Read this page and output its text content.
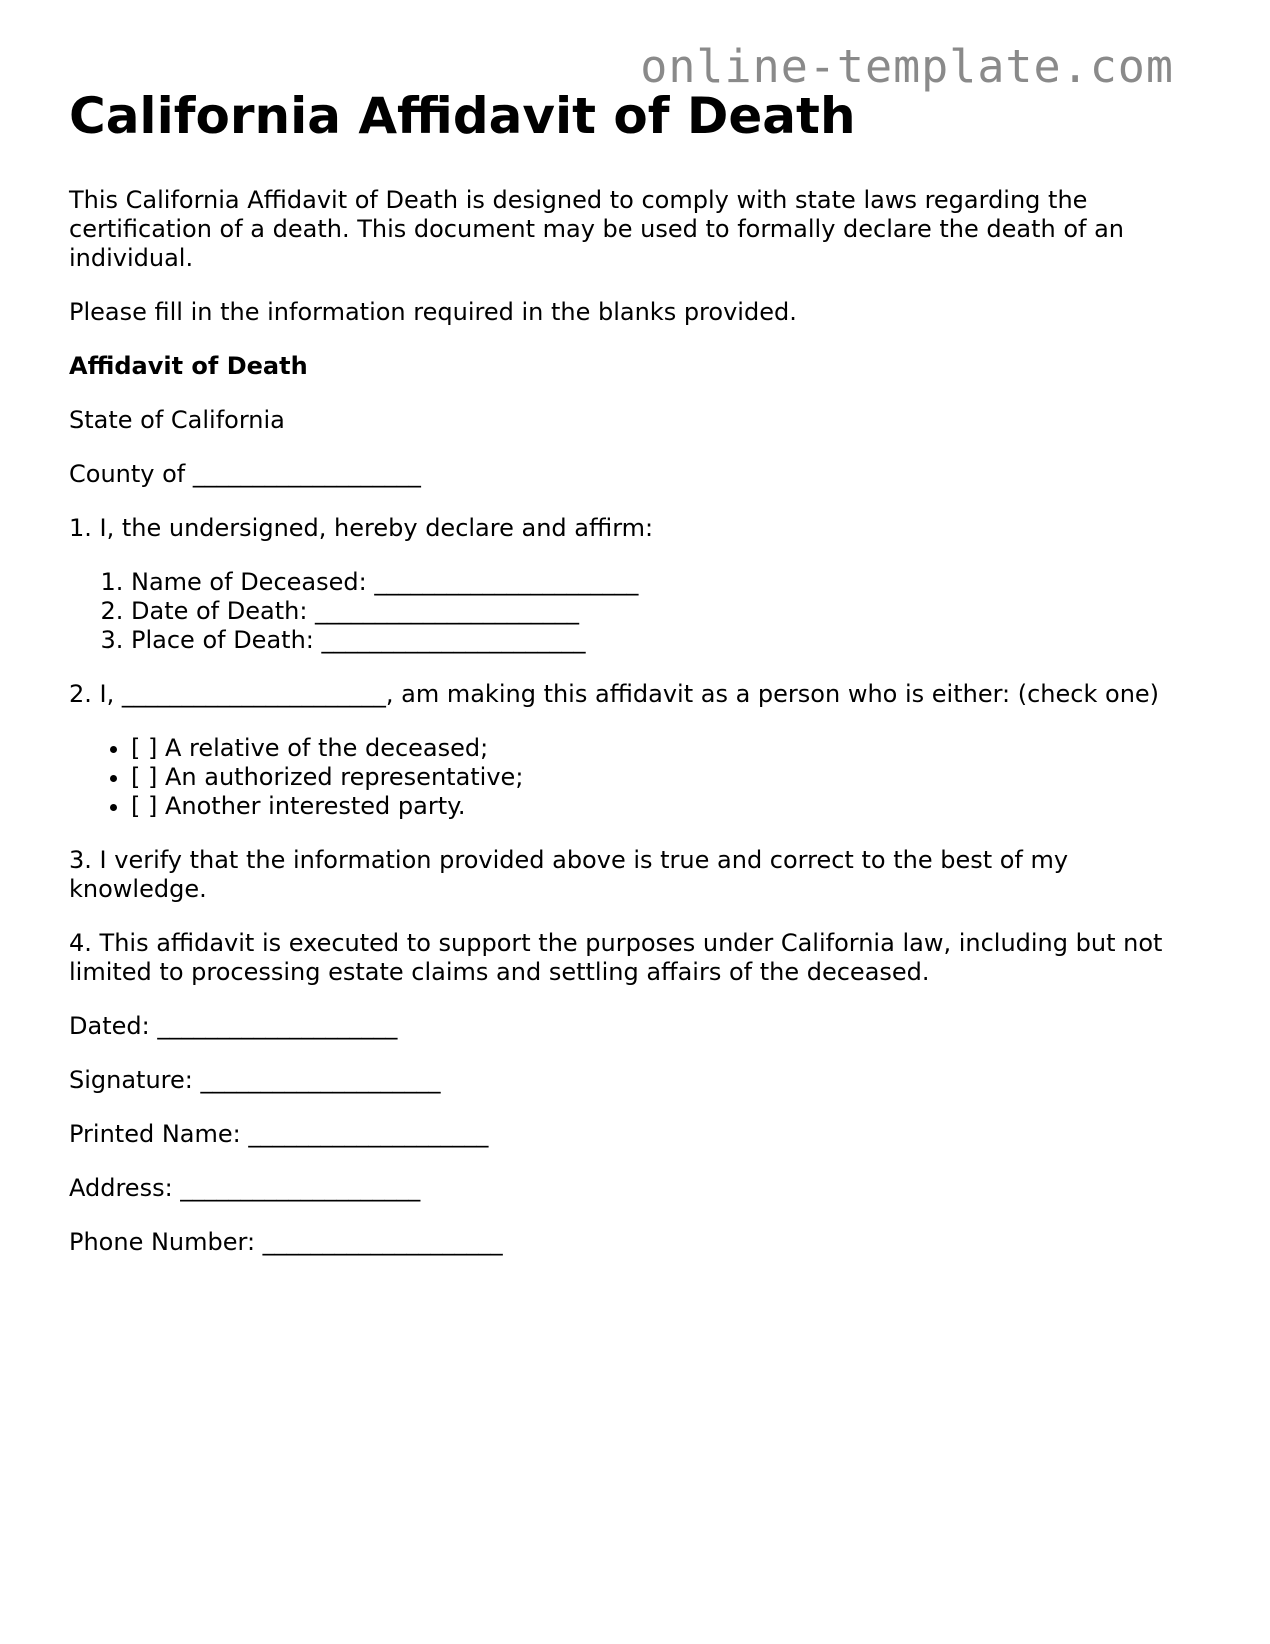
online-template.com
California Affidavit of Death

This California Affidavit of Death is designed to comply with state laws regarding the certification of a death. This document may be used to formally declare the death of an individual.

Please fill in the information required in the blanks provided.

Affidavit of Death

State of California

County of ___________________

1. I, the undersigned, hereby declare and affirm:

1. Name of Deceased: ______________________
2. Date of Death: ______________________
3. Place of Death: ______________________

2. I, ______________________, am making this affidavit as a person who is either: (check one)

• [ ] A relative of the deceased;
• [ ] An authorized representative;
• [ ] Another interested party.

3. I verify that the information provided above is true and correct to the best of my knowledge.

4. This affidavit is executed to support the purposes under California law, including but not limited to processing estate claims and settling affairs of the deceased.

Dated: ____________________

Signature: ____________________

Printed Name: ____________________

Address: ____________________

Phone Number: ____________________
